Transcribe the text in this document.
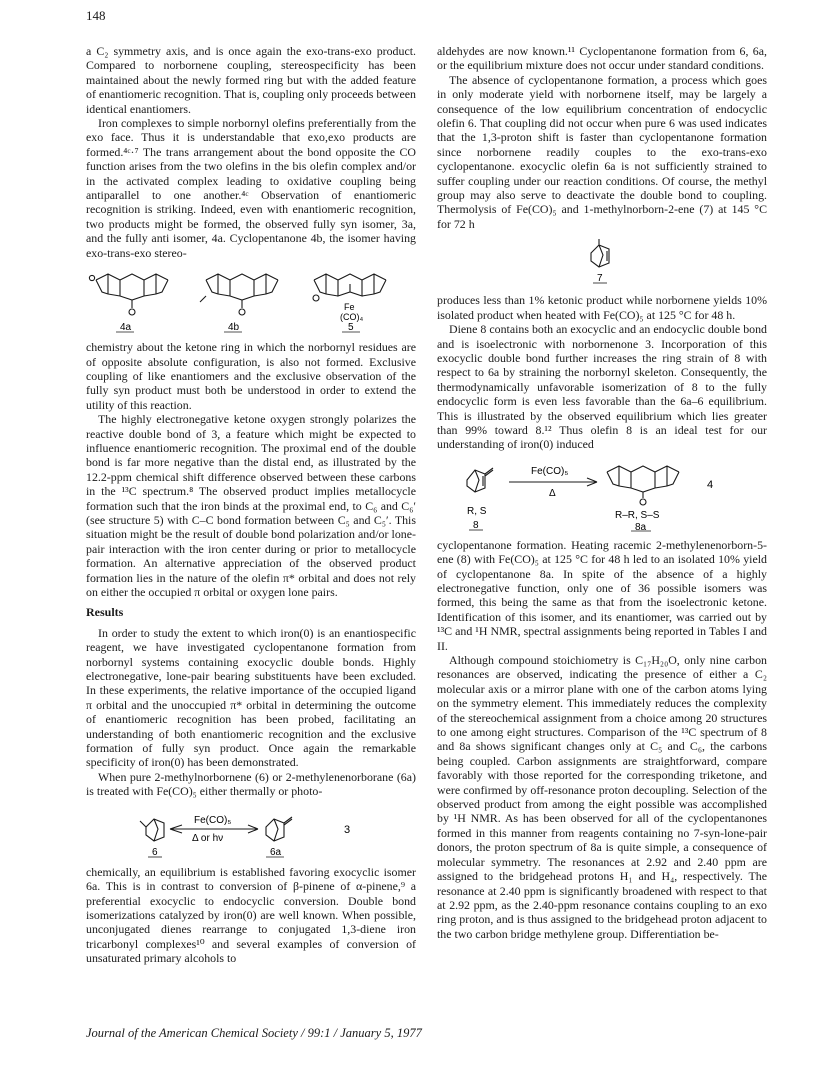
148

a C₂ symmetry axis, and is once again the exo-trans-exo product. Compared to norbornene coupling, stereospecificity has been maintained about the newly formed ring but with the added feature of enantiomeric recognition. That is, coupling only proceeds between identical enantiomers.

Iron complexes to simple norbornyl olefins preferentially from the exo face. Thus it is understandable that exo,exo products are formed.⁴ᶜ·⁷ The trans arrangement about the bond opposite the CO function arises from the two olefins in the bis olefin complex and/or in the activated complex leading to oxidative coupling being antiparallel to one another.⁴ᶜ Observation of enantiomeric recognition is striking. Indeed, even with enantiomeric recognition, two products might be formed, the observed fully syn isomer, 3a, and the fully anti isomer, 4a. Cyclopentanone 4b, the isomer having exo-trans-exo stereo-

4a	4b
Fe
(CO)₄
5

chemistry about the ketone ring in which the norbornyl residues are of opposite absolute configuration, is also not formed. Exclusive coupling of like enantiomers and the exclusive observation of the fully syn product must both be understood in order to extend the utility of this reaction.

The highly electronegative ketone oxygen strongly polarizes the reactive double bond of 3, a feature which might be expected to influence enantiomeric recognition. The proximal end of the double bond is far more negative than the distal end, as illustrated by the 12.2-ppm chemical shift difference observed between these carbons in the ¹³C spectrum.⁸ The observed product implies metallocycle formation such that the iron binds at the proximal end, to C₆ and C₆′ (see structure 5) with C–C bond formation between C₅ and C₅′. This situation might be the result of double bond polarization and/or lone-pair interaction with the iron center during or prior to metallocycle formation. An alternative appreciation of the observed product formation lies in the nature of the olefin π* orbital and does not rely on either the occupied π orbital or oxygen lone pairs.

Results

In order to study the extent to which iron(0) is an enantiospecific reagent, we have investigated cyclopentanone formation from norbornyl systems containing exocyclic double bonds. Highly electronegative, lone-pair bearing substituents have been excluded. In these experiments, the relative importance of the occupied ligand π orbital and the unoccupied π* orbital in determining the outcome of enantiomeric recognition has been probed, facilitating an understanding of both enantiomeric recognition and the exclusive formation of fully syn product. Once again the remarkable specificity of iron(0) has been demonstrated.

When pure 2-methylnorbornene (6) or 2-methylenenorborane (6a) is treated with Fe(CO)₅ either thermally or photo-

Fe(CO)₅
Δ or hν
6	6a
3

chemically, an equilibrium is established favoring exocyclic isomer 6a. This is in contrast to conversion of β-pinene of α-pinene,⁹ a preferential exocyclic to endocyclic conversion. Double bond isomerizations catalyzed by iron(0) are well known. When possible, unconjugated dienes rearrange to conjugated 1,3-diene iron tricarbonyl complexes¹⁰ and several examples of conversion of unsaturated primary alcohols to

aldehydes are now known.¹¹ Cyclopentanone formation from 6, 6a, or the equilibrium mixture does not occur under standard conditions.

The absence of cyclopentanone formation, a process which goes in only moderate yield with norbornene itself, may be largely a consequence of the low equilibrium concentration of endocyclic olefin 6. That coupling did not occur when pure 6 was used indicates that the 1,3-proton shift is faster than cyclopentanone formation since norbornene readily couples to the exo-trans-exo cyclopentanone. exocyclic olefin 6a is not sufficiently strained to suffer coupling under our reaction conditions. Of course, the methyl group may also serve to deactivate the double bond to coupling. Thermolysis of Fe(CO)₅ and 1-methylnorborn-2-ene (7) at 145 °C for 72 h

7

produces less than 1% ketonic product while norbornene yields 10% isolated product when heated with Fe(CO)₅ at 125 °C for 48 h.

Diene 8 contains both an exocyclic and an endocyclic double bond and is isoelectronic with norbornenone 3. Incorporation of this exocyclic double bond further increases the ring strain of 8 with respect to 6a by straining the norbornyl skeleton. Consequently, the thermodynamically unfavorable isomerization of 8 to the fully endocyclic form is even less favorable than the 6a–6 equilibrium. This is illustrated by the observed equilibrium which lies greater than 99% toward 8.¹² Thus olefin 8 is an ideal test for our understanding of iron(0) induced

Fe(CO)₅
Δ
4
R, S
8
R–R, S–S
8a

cyclopentanone formation. Heating racemic 2-methylenenorborn-5-ene (8) with Fe(CO)₅ at 125 °C for 48 h led to an isolated 10% yield of cyclopentanone 8a. In spite of the absence of a highly electronegative function, only one of 36 possible isomers was formed, this being the same as that from the isoelectronic ketone. Identification of this isomer, and its enantiomer, was carried out by ¹³C and ¹H NMR, spectral assignments being reported in Tables I and II.

Although compound stoichiometry is C₁₇H₂₀O, only nine carbon resonances are observed, indicating the presence of either a C₂ molecular axis or a mirror plane with one of the carbon atoms lying on the symmetry element. This immediately reduces the complexity of the stereochemical assignment from a choice among 20 structures to one among eight structures. Comparison of the ¹³C spectrum of 8 and 8a shows significant changes only at C₅ and C₆, the carbons being coupled. Carbon assignments are straightforward, compare favorably with those reported for the corresponding triketone, and were confirmed by off-resonance proton decoupling. Selection of the observed product from among the eight possible was accomplished by ¹H NMR. As has been observed for all of the cyclopentanones formed in this manner from reagents containing no 7-syn-lone-pair donors, the proton spectrum of 8a is quite simple, a consequence of molecular symmetry. The resonances at 2.92 and 2.40 ppm are assigned to the bridgehead protons H₁ and H₄, respectively. The resonance at 2.40 ppm is significantly broadened with respect to that at 2.92 ppm, as the 2.40-ppm resonance contains coupling to an exo ring proton, and is thus assigned to the bridgehead proton adjacent to the two carbon bridge methylene group. Differentiation be-

Journal of the American Chemical Society / 99:1 / January 5, 1977
